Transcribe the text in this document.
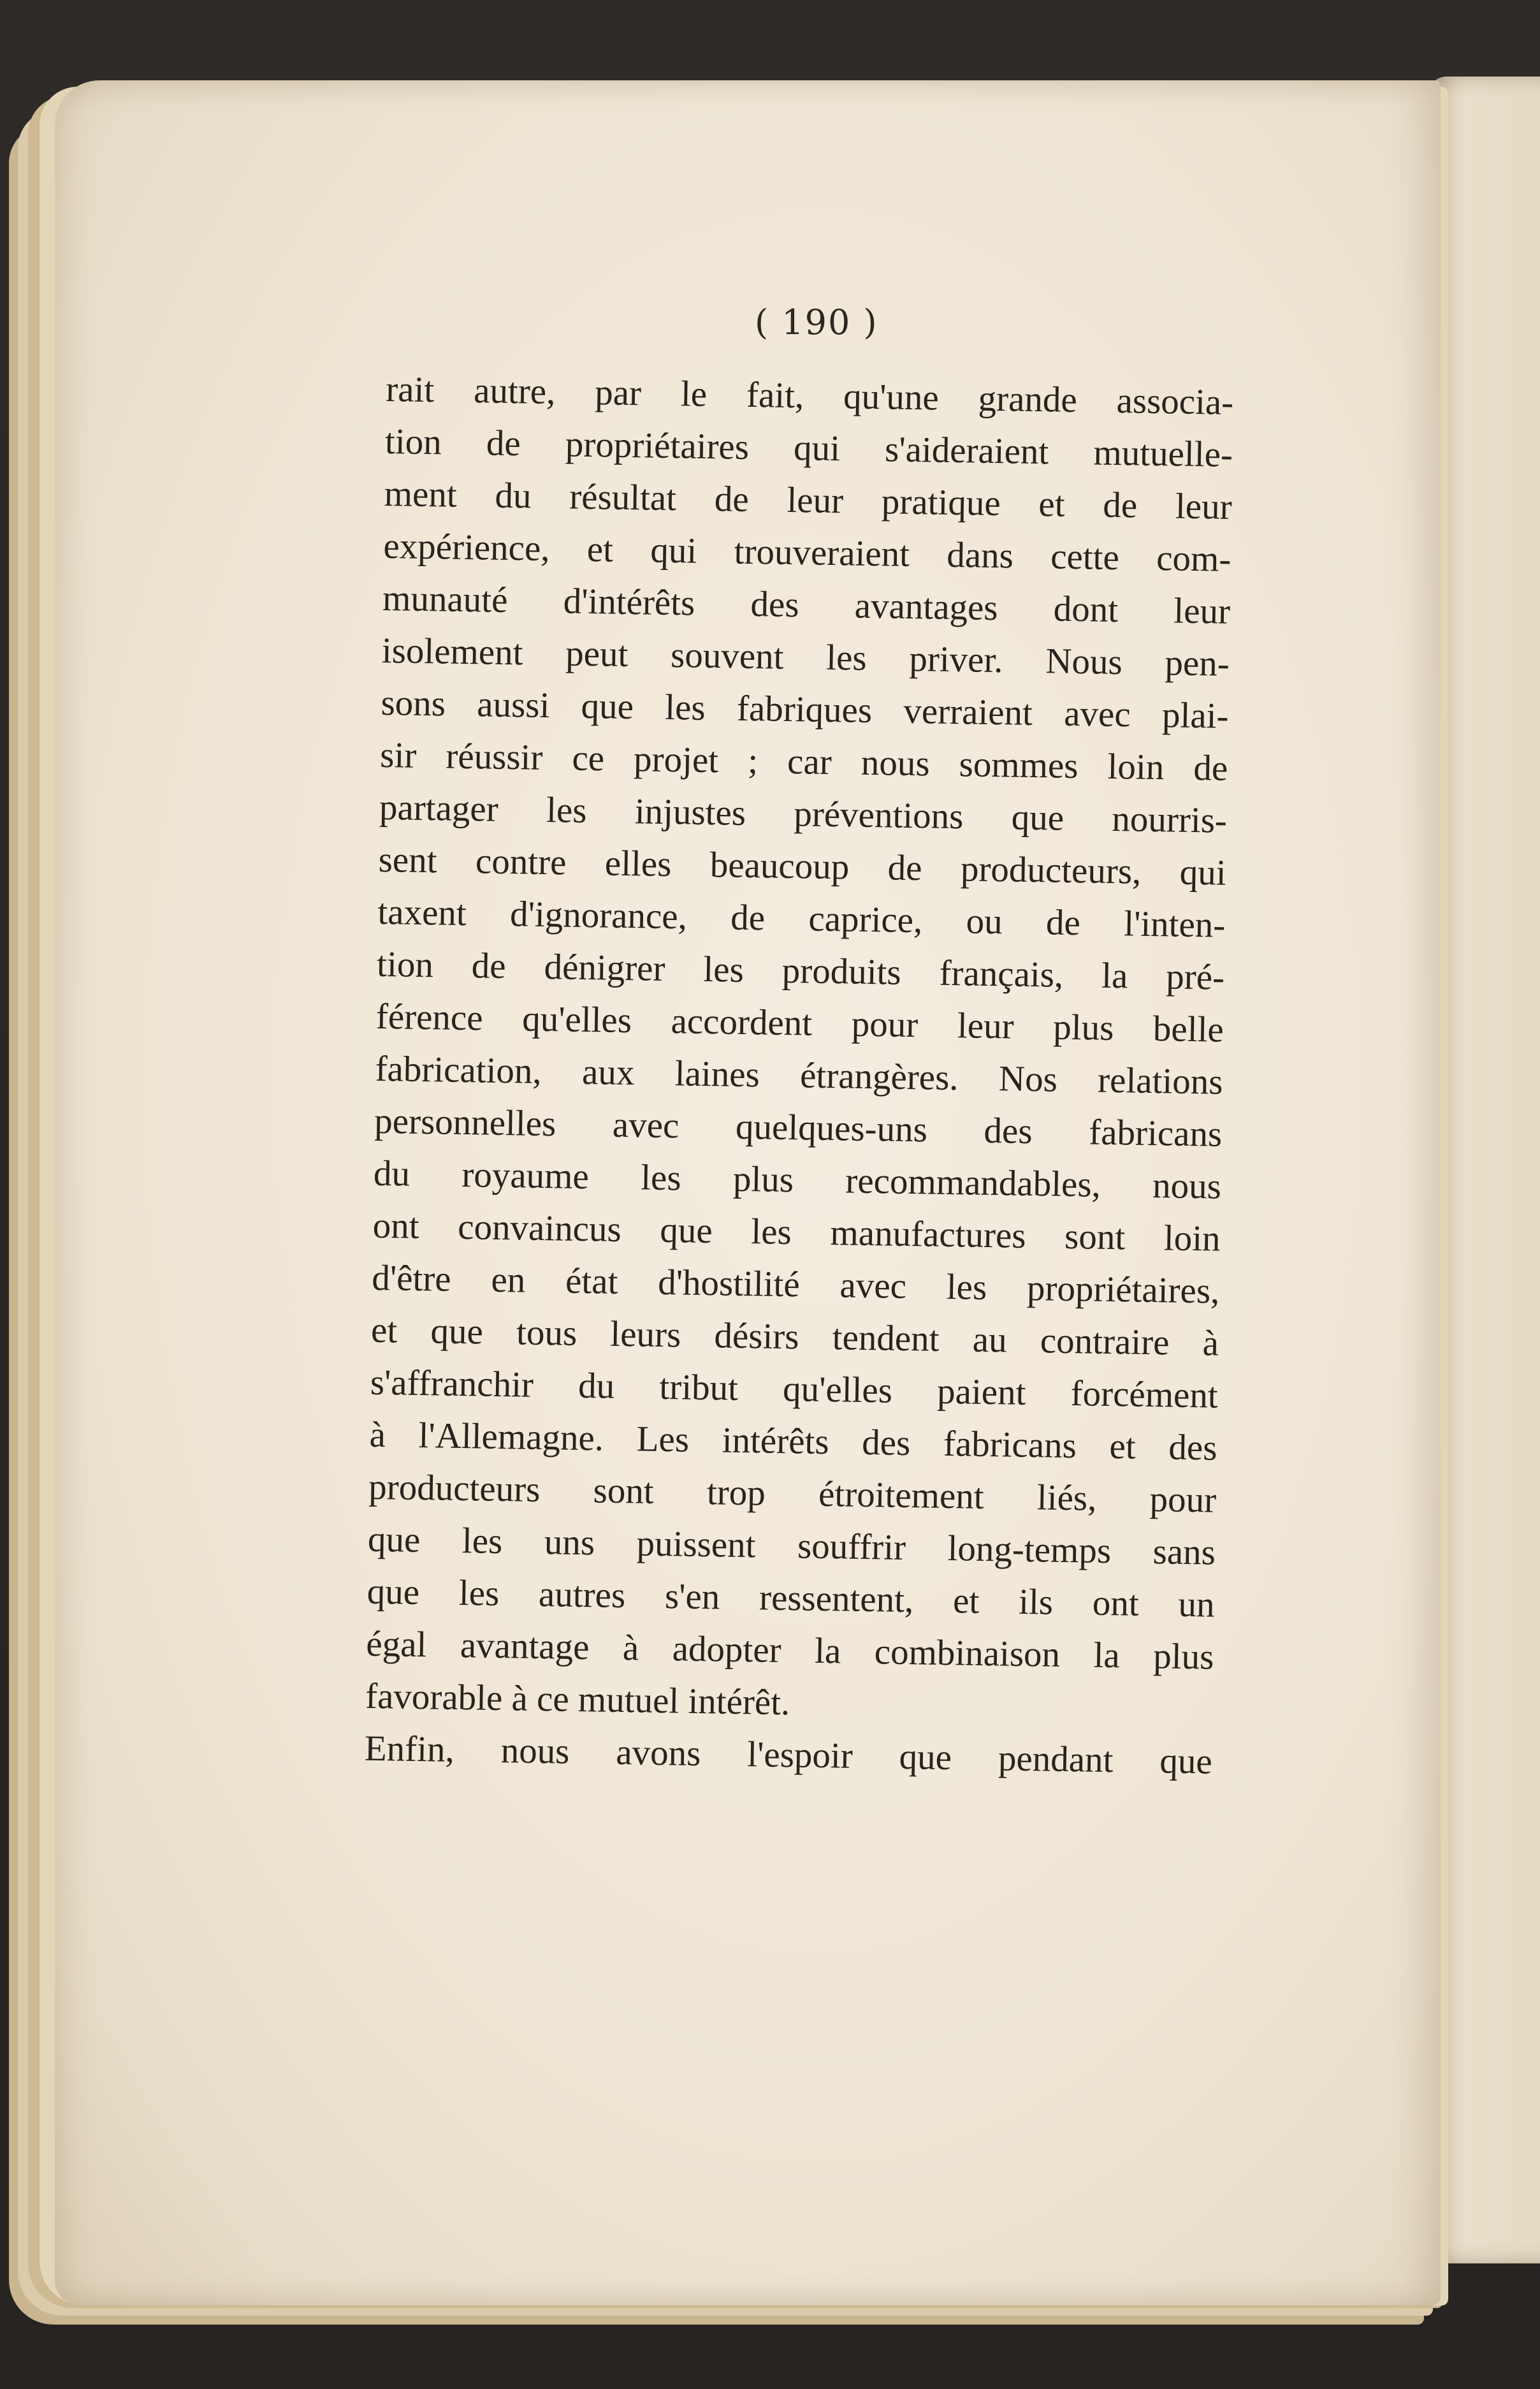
( 190 )
rait autre, par le fait, qu'une grande associa-
tion de propriétaires qui s'aideraient mutuelle-
ment du résultat de leur pratique et de leur
expérience, et qui trouveraient dans cette com-
munauté d'intérêts des avantages dont leur
isolement peut souvent les priver. Nous pen-
sons aussi que les fabriques verraient avec plai-
sir réussir ce projet ; car nous sommes loin de
partager les injustes préventions que nourris-
sent contre elles beaucoup de producteurs, qui
taxent d'ignorance, de caprice, ou de l'inten-
tion de dénigrer les produits français, la pré-
férence qu'elles accordent pour leur plus belle
fabrication, aux laines étrangères. Nos relations
personnelles avec quelques-uns des fabricans
du royaume les plus recommandables, nous
ont convaincus que les manufactures sont loin
d'être en état d'hostilité avec les propriétaires,
et que tous leurs désirs tendent au contraire à
s'affranchir du tribut qu'elles paient forcément
à l'Allemagne. Les intérêts des fabricans et des
producteurs sont trop étroitement liés, pour
que les uns puissent souffrir long-temps sans
que les autres s'en ressentent, et ils ont un
égal avantage à adopter la combinaison la plus
favorable à ce mutuel intérêt.
Enfin, nous avons l'espoir que pendant que
